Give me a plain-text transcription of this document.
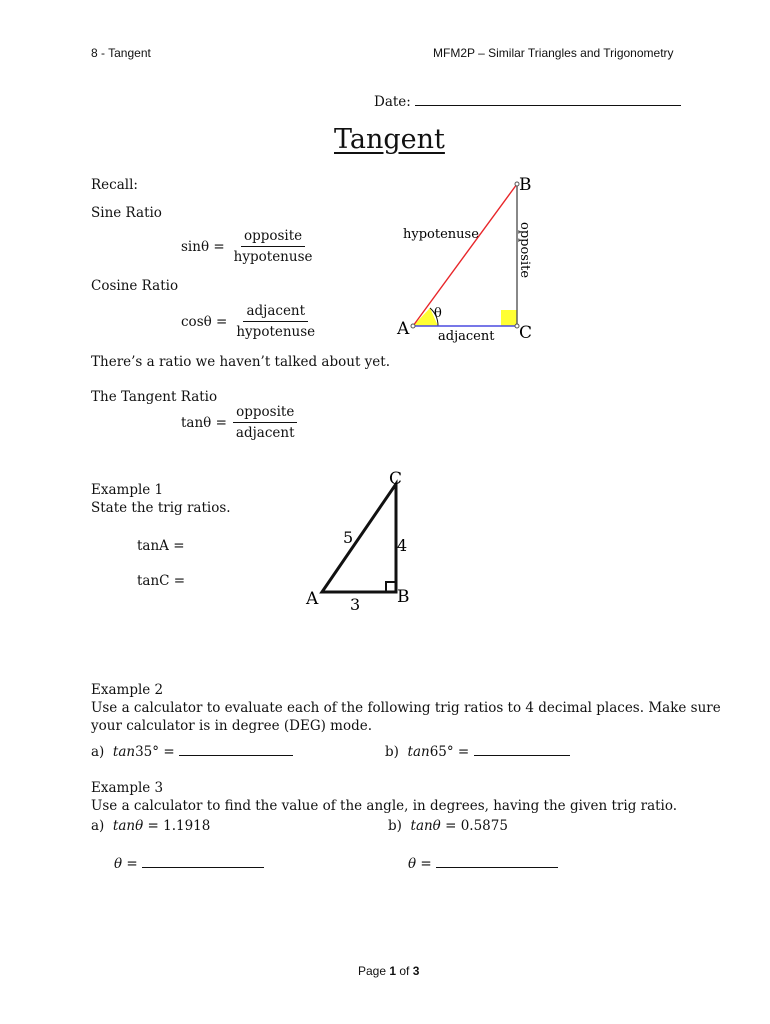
8 - Tangent	MFM2P – Similar Triangles and Trigonometry
Date:
Tangent
Recall:
Sine Ratio
$\sin\theta = \frac{\text{opposite}}{\text{hypotenuse}}$
Cosine Ratio
$\cos\theta = \frac{\text{adjacent}}{\text{hypotenuse}}$	A
B
C
θ
hypotenuse
adjacent
opposite
There’s a ratio we haven’t talked about yet.
The Tangent Ratio
$\tan\theta = \frac{\text{opposite}}{\text{adjacent}}$
Example 1
State the trig ratios.
tanA =
tanC =
A	B
C
5	4
3
Example 2
Use a calculator to evaluate each of the following trig ratios to 4 decimal places. Make sure
your calculator is in degree (DEG) mode.
a) tan35° =	b) tan65° =
Example 3
Use a calculator to find the value of the angle, in degrees, having the given trig ratio.
a) tanθ = 1.1918	b) tanθ = 0.5875
θ =	θ =
Page 1 of 3
